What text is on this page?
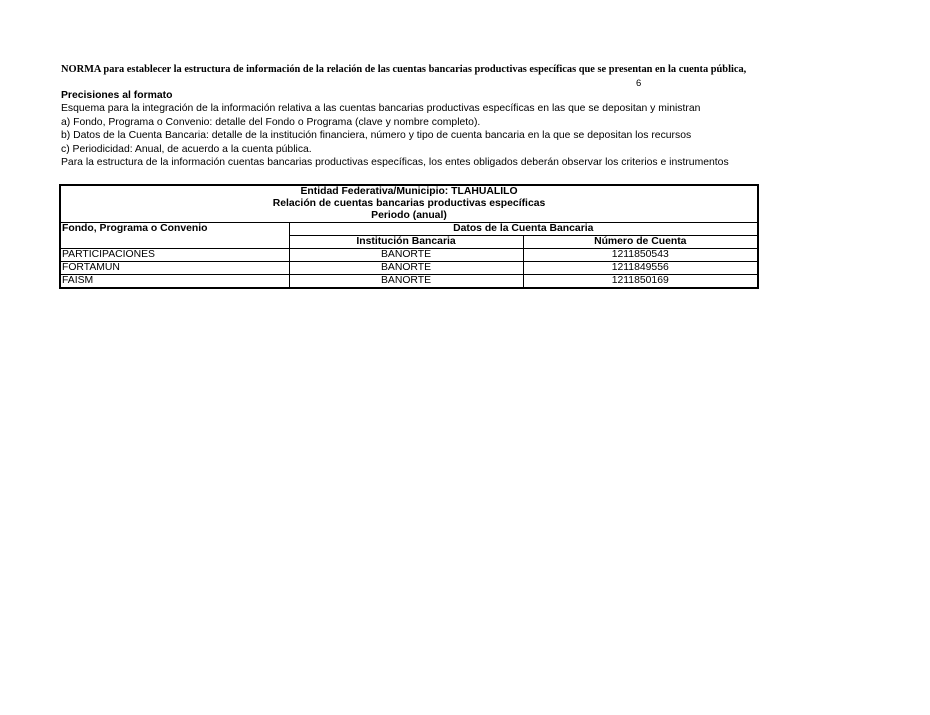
NORMA para establecer la estructura de información de la relación de las cuentas bancarias productivas específicas que se presentan en la cuenta pública,
6
Precisiones al formato
Esquema para la integración de la información relativa a las cuentas bancarias productivas específicas en las que se depositan y ministran
a) Fondo, Programa o Convenio: detalle del Fondo o Programa (clave y nombre completo).
b) Datos de la Cuenta Bancaria: detalle de la institución financiera, número y tipo de cuenta bancaria en la que se depositan los recursos
c) Periodicidad: Anual, de acuerdo a la cuenta pública.
Para la estructura de la información cuentas bancarias productivas específicas, los entes obligados deberán observar los criterios e instrumentos
Entidad Federativa/Municipio: TLAHUALILO		
Relación de cuentas bancarias productivas específicas		
Periodo (anual)		
Fondo, Programa o Convenio	Datos de la Cuenta Bancaria	
	Institución Bancaria	Número de Cuenta
PARTICIPACIONES	BANORTE	1211850543
FORTAMUN	BANORTE	1211849556
FAISM	BANORTE	1211850169
